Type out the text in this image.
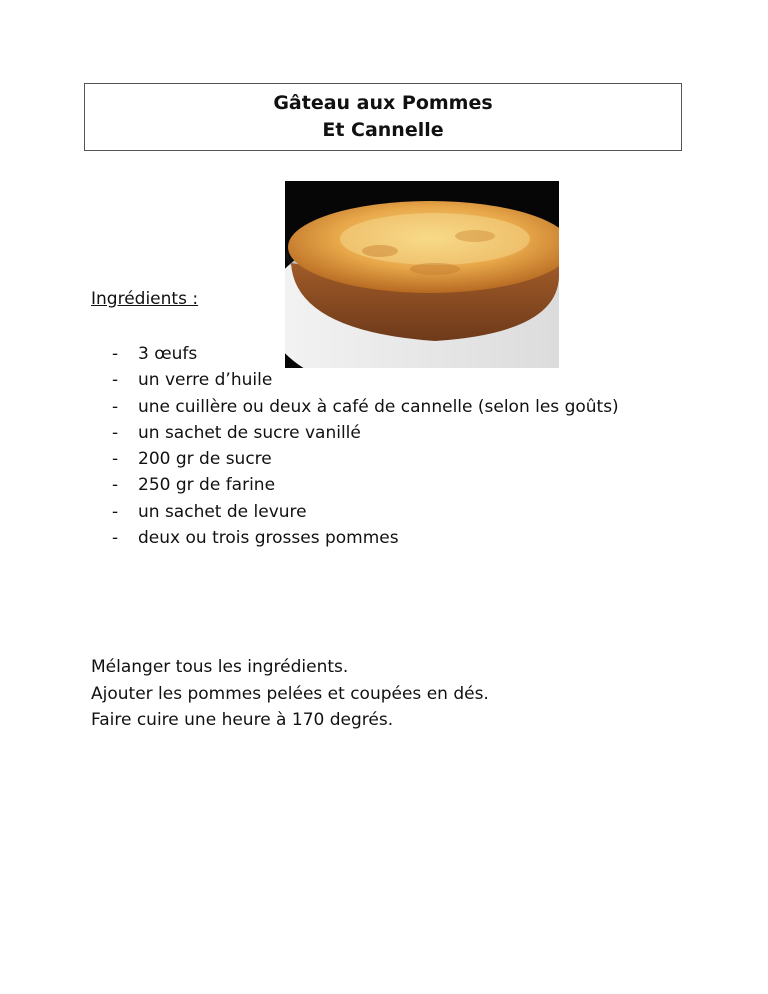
Gâteau aux Pommes
Et Cannelle
Ingrédients :
- 3 œufs
- un verre d’huile
- une cuillère ou deux à café de cannelle (selon les goûts)
- un sachet de sucre vanillé
- 200 gr de sucre
- 250 gr de farine
- un sachet de levure
- deux ou trois grosses pommes

Mélanger tous les ingrédients.

Ajouter les pommes pelées et coupées en dés.

Faire cuire une heure à 170 degrés.
